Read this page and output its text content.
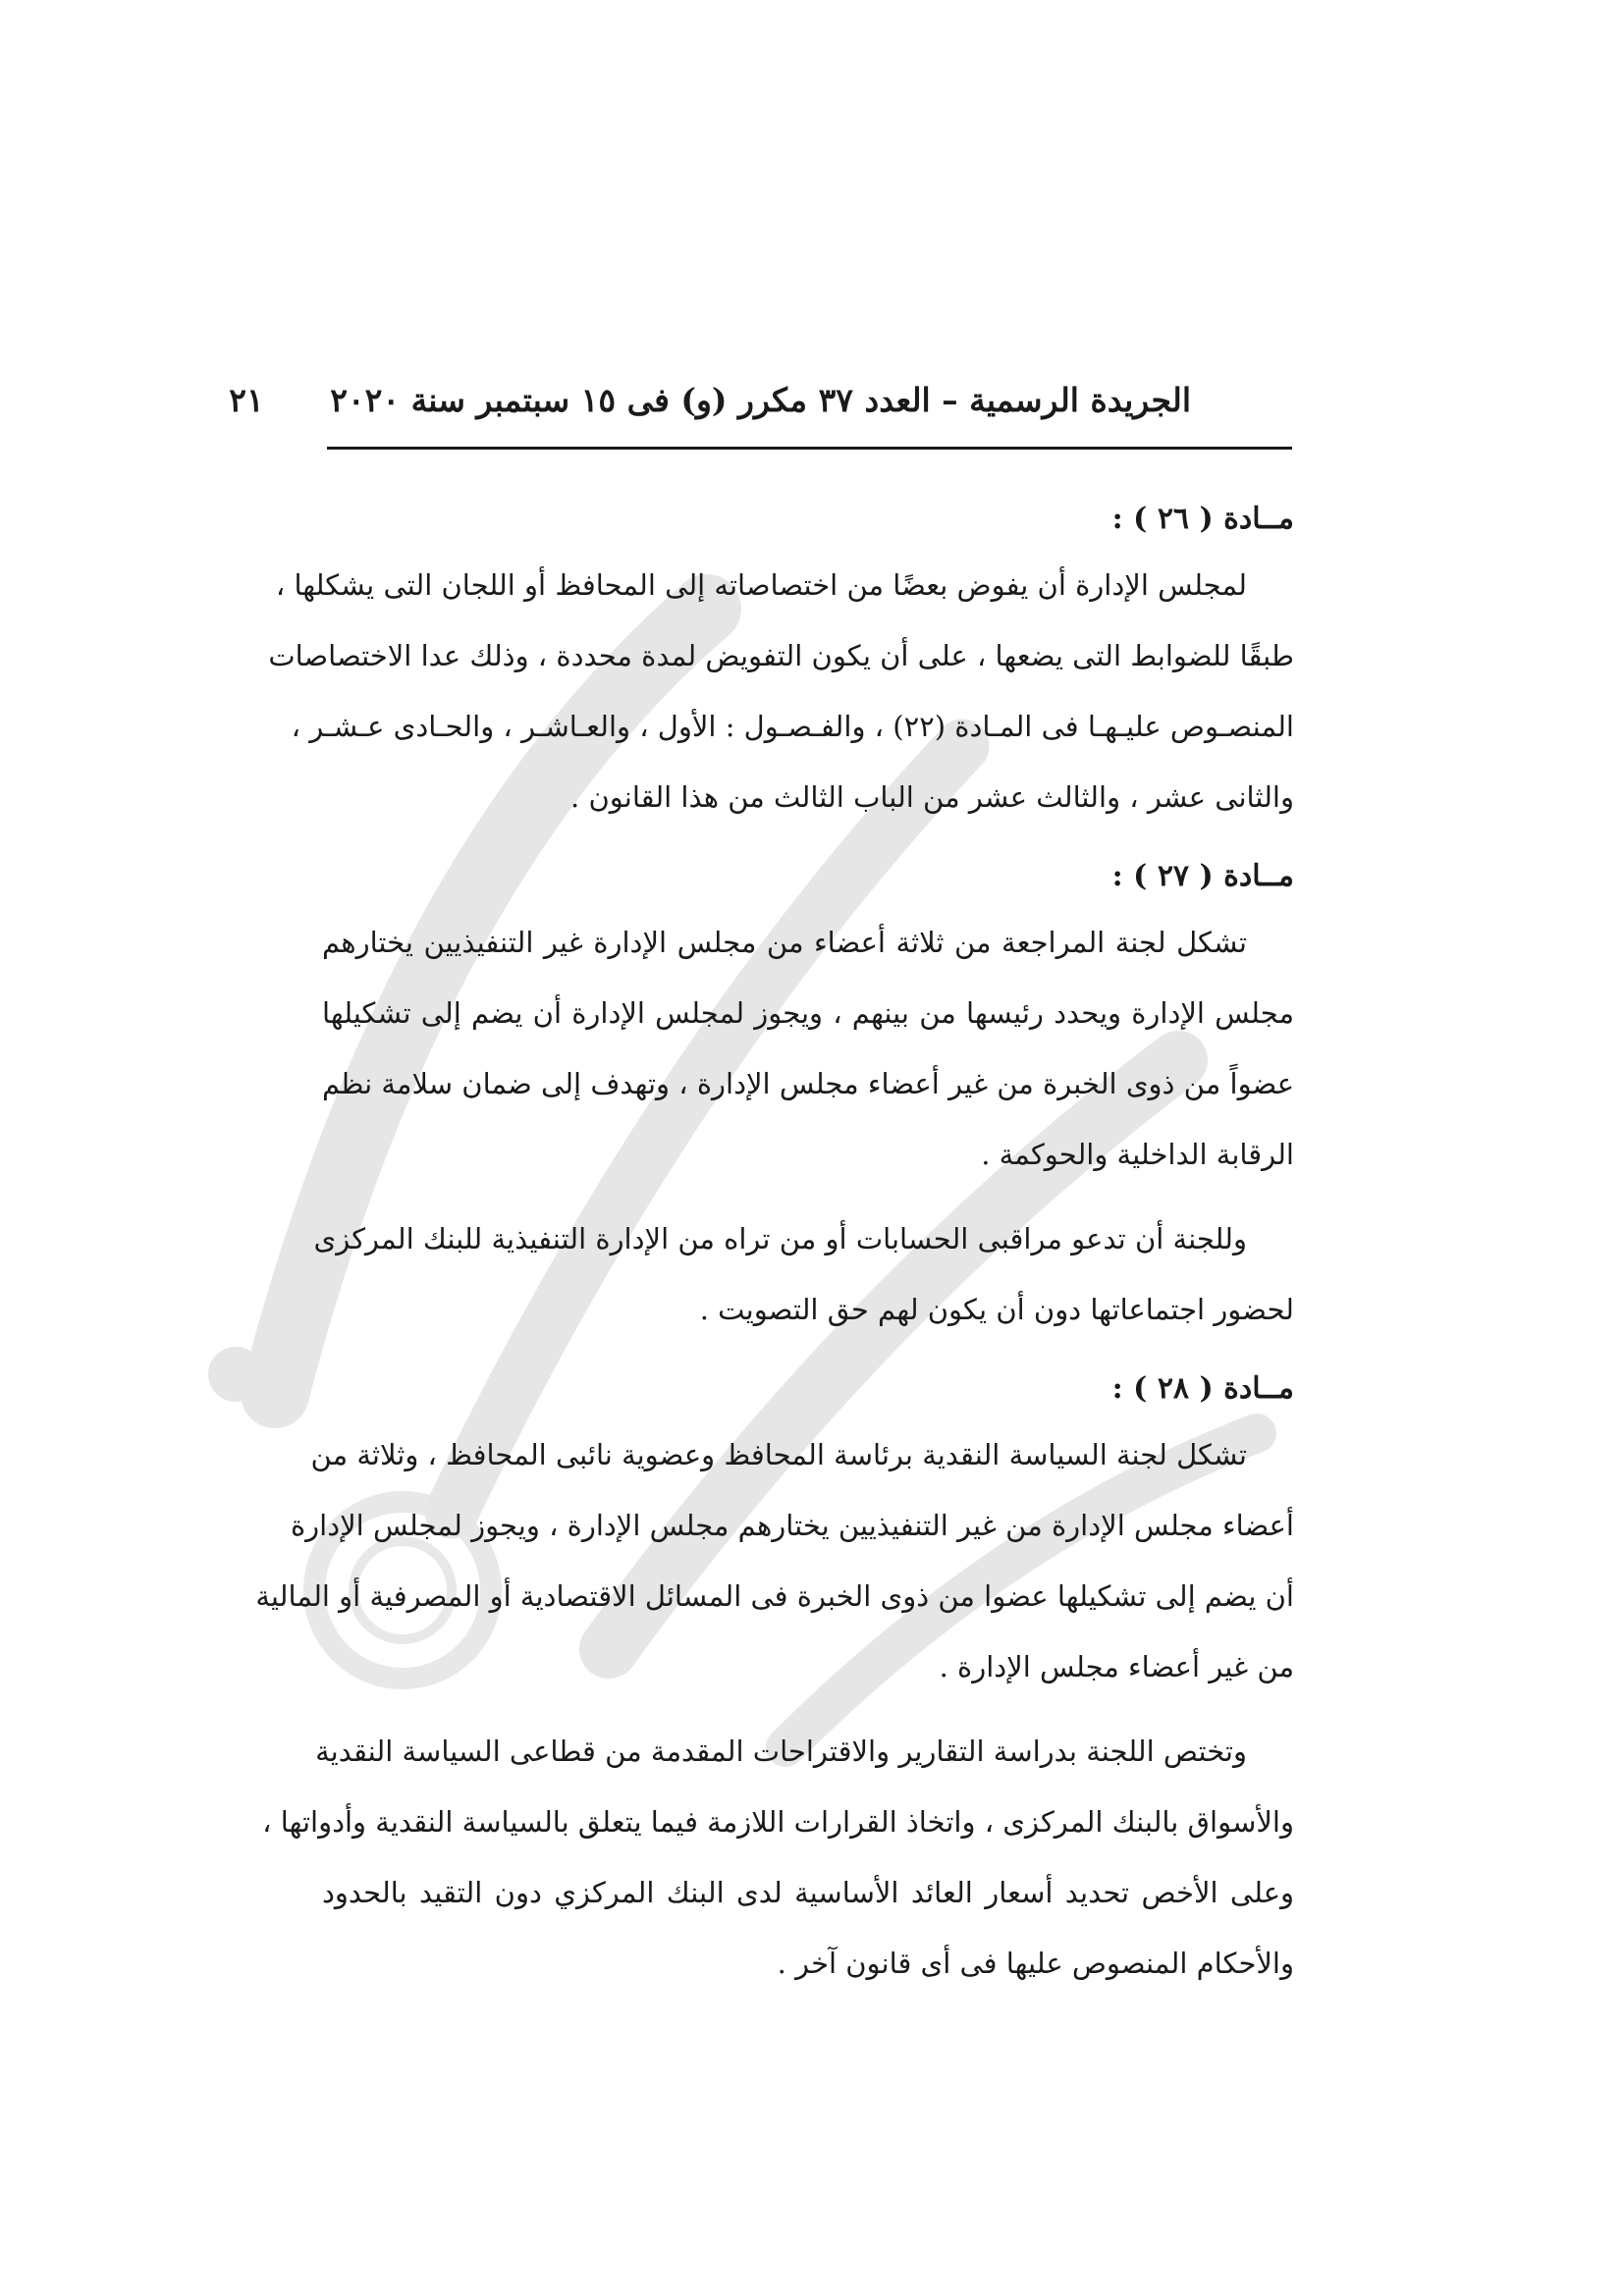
الجريدة الرسمية – العدد ٣٧ مكرر (و) فى ١٥ سبتمبر سنة ٢٠٢٠ ٢١
مــادة ( ٢٦ ) :
لمجلس الإدارة أن يفوض بعضًا من اختصاصاته إلى المحافظ أو اللجان التى يشكلها ،
طبقًا للضوابط التى يضعها ، على أن يكون التفويض لمدة محددة ، وذلك عدا الاختصاصات
المنصـوص عليـهـا فى المـادة (٢٢) ، والفـصـول : الأول ، والعـاشـر ، والحـادى عـشـر ،
والثانى عشر ، والثالث عشر من الباب الثالث من هذا القانون .
مــادة ( ٢٧ ) :
تشكل لجنة المراجعة من ثلاثة أعضاء من مجلس الإدارة غير التنفيذيين يختارهم
مجلس الإدارة ويحدد رئيسها من بينهم ، ويجوز لمجلس الإدارة أن يضم إلى تشكيلها
عضواً من ذوى الخبرة من غير أعضاء مجلس الإدارة ، وتهدف إلى ضمان سلامة نظم
الرقابة الداخلية والحوكمة .
وللجنة أن تدعو مراقبى الحسابات أو من تراه من الإدارة التنفيذية للبنك المركزى
لحضور اجتماعاتها دون أن يكون لهم حق التصويت .
مــادة ( ٢٨ ) :
تشكل لجنة السياسة النقدية برئاسة المحافظ وعضوية نائبى المحافظ ، وثلاثة من
أعضاء مجلس الإدارة من غير التنفيذيين يختارهم مجلس الإدارة ، ويجوز لمجلس الإدارة
أن يضم إلى تشكيلها عضوا من ذوى الخبرة فى المسائل الاقتصادية أو المصرفية أو المالية
من غير أعضاء مجلس الإدارة .
وتختص اللجنة بدراسة التقارير والاقتراحات المقدمة من قطاعى السياسة النقدية
والأسواق بالبنك المركزى ، واتخاذ القرارات اللازمة فيما يتعلق بالسياسة النقدية وأدواتها ،
وعلى الأخص تحديد أسعار العائد الأساسية لدى البنك المركزي دون التقيد بالحدود
والأحكام المنصوص عليها فى أى قانون آخر .
